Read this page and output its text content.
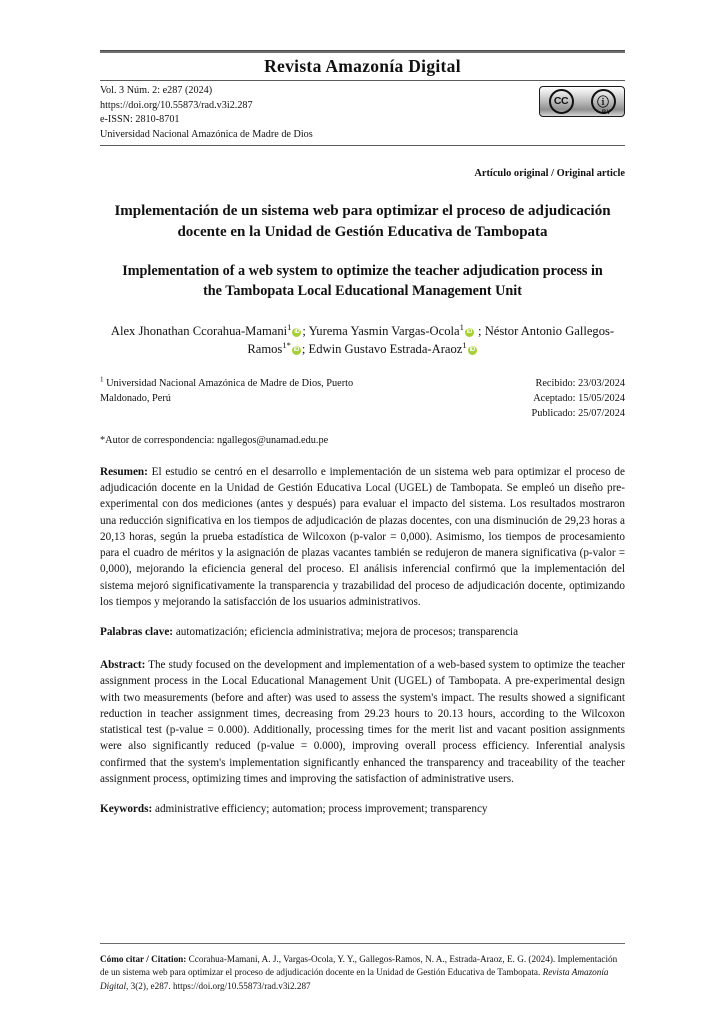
Revista Amazonía Digital
Vol. 3 Núm. 2: e287 (2024)
https://doi.org/10.55873/rad.v3i2.287
e-ISSN: 2810-8701
Universidad Nacional Amazónica de Madre de Dios
CC	ⓘ
BY
Artículo original / Original article
Implementación de un sistema web para optimizar el proceso de adjudicación docente en la Unidad de Gestión Educativa de Tambopata
Implementation of a web system to optimize the teacher adjudication process in the Tambopata Local Educational Management Unit
Alex Jhonathan Ccorahua-Mamani$^1$iD ; Yurema Yasmin Vargas-Ocola$^1$iD ; Néstor Antonio Gallegos-Ramos$^{1*}$iD ; Edwin Gustavo Estrada-Araoz$^1$iD
$^1$ Universidad Nacional Amazónica de Madre de Dios, Puerto Maldonado, Perú
Recibido: 23/03/2024
Aceptado: 15/05/2024
Publicado: 25/07/2024
*Autor de correspondencia: ngallegos@unamad.edu.pe
Resumen: El estudio se centró en el desarrollo e implementación de un sistema web para optimizar el proceso de adjudicación docente en la Unidad de Gestión Educativa Local (UGEL) de Tambopata. Se empleó un diseño pre-experimental con dos mediciones (antes y después) para evaluar el impacto del sistema. Los resultados mostraron una reducción significativa en los tiempos de adjudicación de plazas docentes, con una disminución de 29,23 horas a 20,13 horas, según la prueba estadística de Wilcoxon (p-valor = 0,000). Asimismo, los tiempos de procesamiento para el cuadro de méritos y la asignación de plazas vacantes también se redujeron de manera significativa (p-valor = 0,000), mejorando la eficiencia general del proceso. El análisis inferencial confirmó que la implementación del sistema mejoró significativamente la transparencia y trazabilidad del proceso de adjudicación docente, optimizando los tiempos y mejorando la satisfacción de los usuarios administrativos.
Palabras clave: automatización; eficiencia administrativa; mejora de procesos; transparencia
Abstract: The study focused on the development and implementation of a web-based system to optimize the teacher assignment process in the Local Educational Management Unit (UGEL) of Tambopata. A pre-experimental design with two measurements (before and after) was used to assess the system's impact. The results showed a significant reduction in teacher assignment times, decreasing from 29.23 hours to 20.13 hours, according to the Wilcoxon statistical test (p-value = 0.000). Additionally, processing times for the merit list and vacant position assignments were also significantly reduced (p-value = 0.000), improving overall process efficiency. Inferential analysis confirmed that the system's implementation significantly enhanced the transparency and traceability of the teacher assignment process, optimizing times and improving the satisfaction of administrative users.
Keywords: administrative efficiency; automation; process improvement; transparency
Cómo citar / Citation: Ccorahua-Mamani, A. J., Vargas-Ocola, Y. Y., Gallegos-Ramos, N. A., Estrada-Araoz, E. G. (2024). Implementación de un sistema web para optimizar el proceso de adjudicación docente en la Unidad de Gestión Educativa de Tambopata. Revista Amazonía Digital, 3(2), e287. https://doi.org/10.55873/rad.v3i2.287
